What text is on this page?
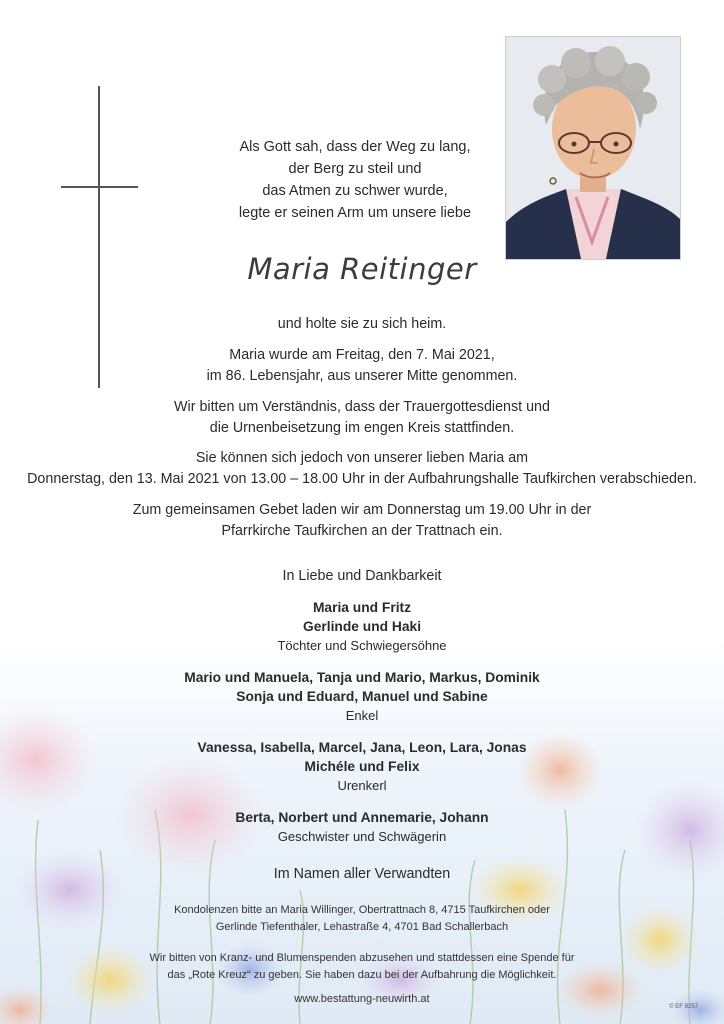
Als Gott sah, dass der Weg zu lang,
der Berg zu steil und
das Atmen zu schwer wurde,
legte er seinen Arm um unsere liebe
Maria Reitinger
und holte sie zu sich heim.
Maria wurde am Freitag, den 7. Mai 2021,
im 86. Lebensjahr, aus unserer Mitte genommen.
Wir bitten um Verständnis, dass der Trauergottesdienst und
die Urnenbeisetzung im engen Kreis stattfinden.
Sie können sich jedoch von unserer lieben Maria am
Donnerstag, den 13. Mai 2021 von 13.00 – 18.00 Uhr in der Aufbahrungshalle Taufkirchen verabschieden.
Zum gemeinsamen Gebet laden wir am Donnerstag um 19.00 Uhr in der
Pfarrkirche Taufkirchen an der Trattnach ein.
In Liebe und Dankbarkeit
Maria und Fritz
Gerlinde und Haki
Töchter und Schwiegersöhne
Mario und Manuela, Tanja und Mario, Markus, Dominik
Sonja und Eduard, Manuel und Sabine
Enkel
Vanessa, Isabella, Marcel, Jana, Leon, Lara, Jonas
Michéle und Felix
Urenkerl
Berta, Norbert und Annemarie, Johann
Geschwister und Schwägerin
Im Namen aller Verwandten
Kondolenzen bitte an Maria Willinger, Obertrattnach 8, 4715 Taufkirchen oder
Gerlinde Tiefenthaler, Lehastraße 4, 4701 Bad Schallerbach
Wir bitten von Kranz- und Blumenspenden abzusehen und stattdessen eine Spende für
das „Rote Kreuz“ zu geben. Sie haben dazu bei der Aufbahrung die Möglichkeit.
www.bestattung-neuwirth.at
© EF 9257
